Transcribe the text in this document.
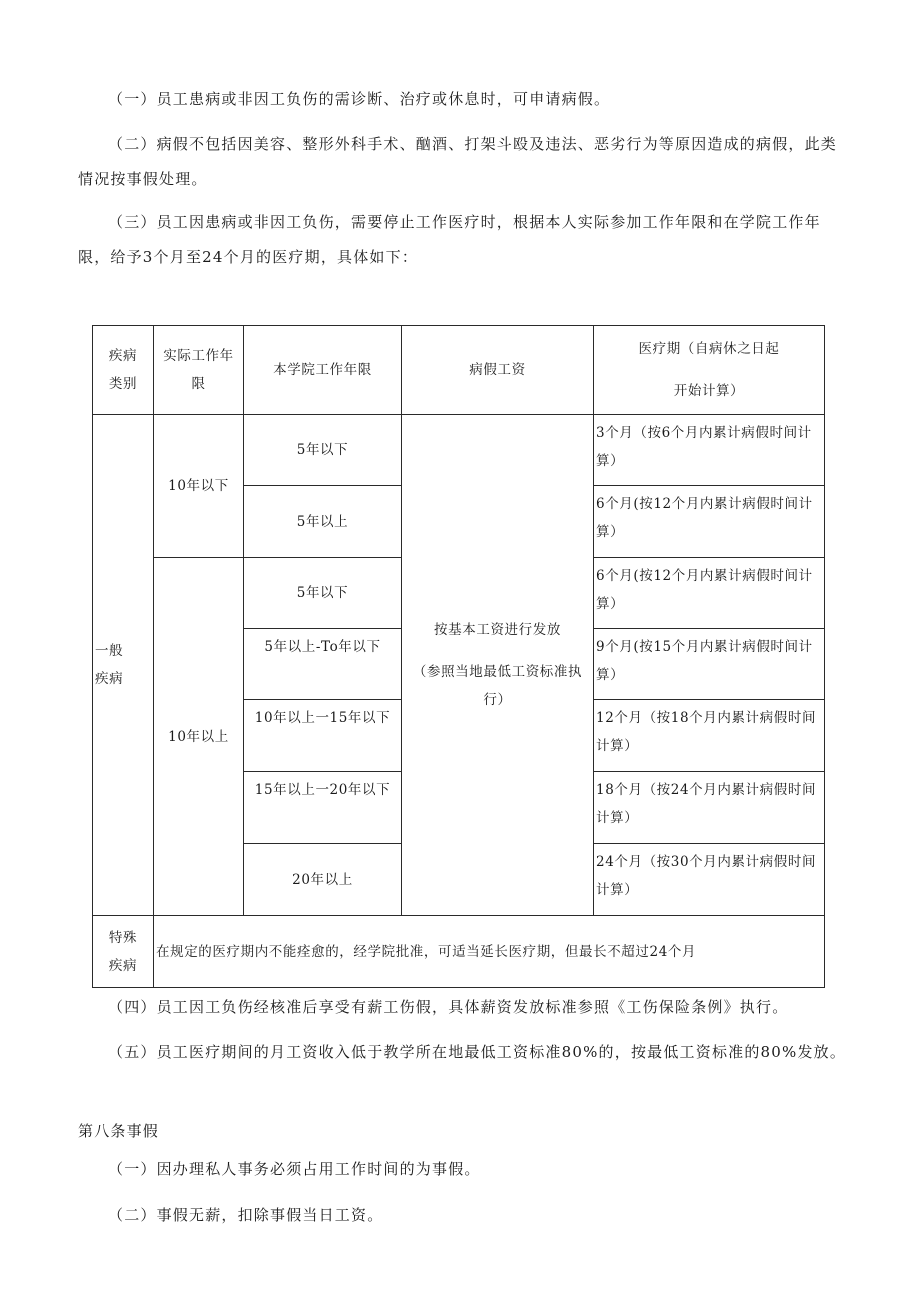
（一）员工患病或非因工负伤的需诊断、治疗或休息时，可申请病假。

（二）病假不包括因美容、整形外科手术、酗酒、打架斗殴及违法、恶劣行为等原因造成的病假，此类情况按事假处理。

（三）员工因患病或非因工负伤，需要停止工作医疗时，根据本人实际参加工作年限和在学院工作年限，给予3个月至24个月的医疗期，具体如下：

疾病类别	实际工作年限	本学院工作年限	病假工资	医疗期（自病休之日起
开始计算）

一般疾病	10年以下	5年以下	按基本工资进行发放
（参照当地最低工资标准执行）	3个月（按6个月内累计病假时间计算）
		5年以上		6个月(按12个月内累计病假时间计算）
	10年以上	5年以下		6个月(按12个月内累计病假时间计算）
		5年以上-To年以下		9个月(按15个月内累计病假时间计算）
		10年以上一15年以下		12个月（按18个月内累计病假时间计算）
		15年以上一20年以下		18个月（按24个月内累计病假时间计算）
		20年以上		24个月（按30个月内累计病假时间计算）
特殊疾病	在规定的医疗期内不能痊愈的，经学院批准，可适当延长医疗期，但最长不超过24个月			

（四）员工因工负伤经核准后享受有薪工伤假，具体薪资发放标准参照《工伤保险条例》执行。

（五）员工医疗期间的月工资收入低于教学所在地最低工资标准80%的，按最低工资标准的80%发放。

第八条事假

（一）因办理私人事务必须占用工作时间的为事假。

（二）事假无薪，扣除事假当日工资。
